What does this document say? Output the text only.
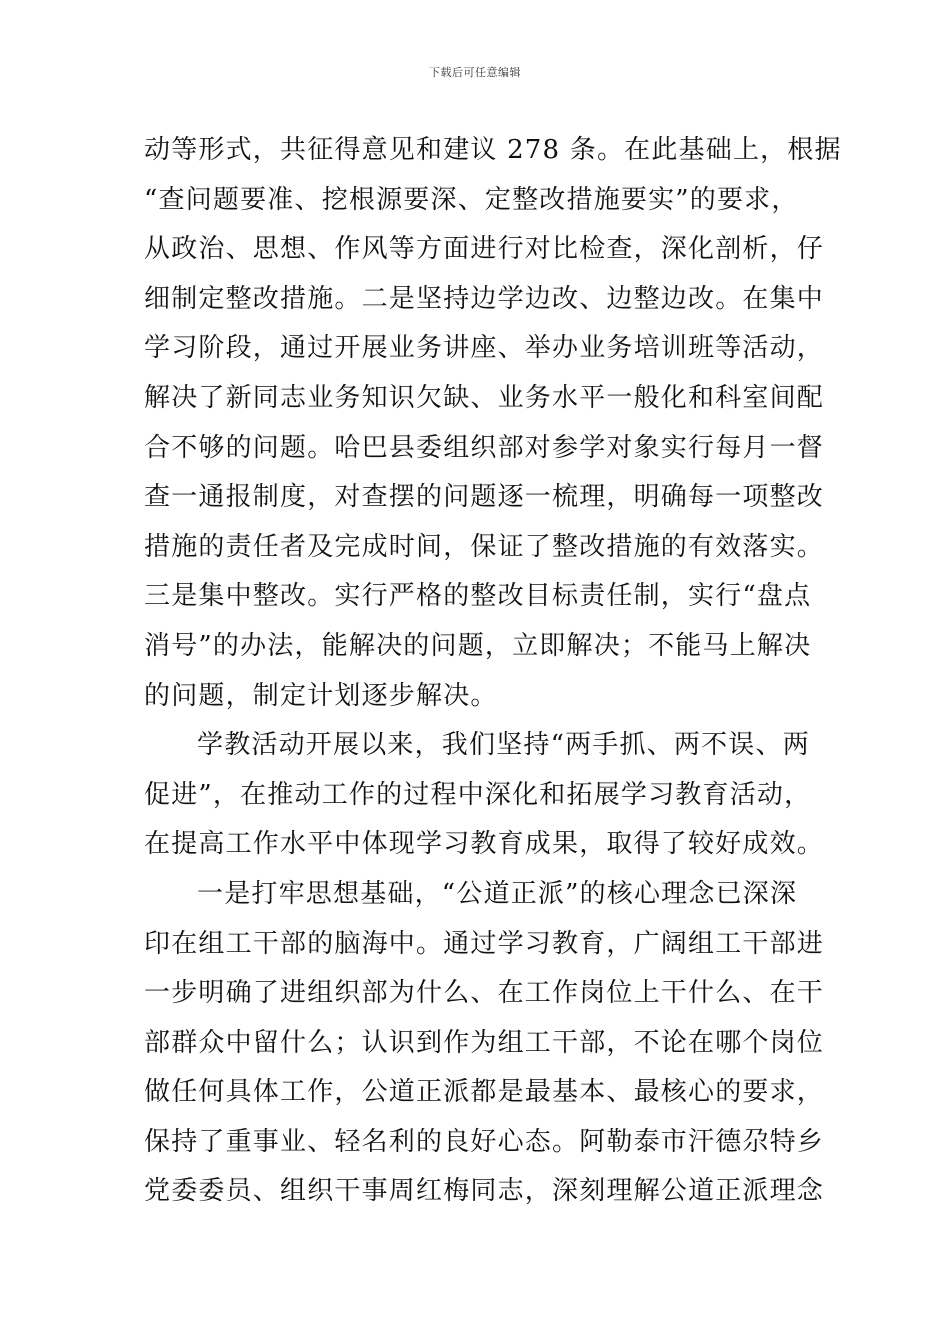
下载后可任意编辑
动等形式，共征得意见和建议 278 条。在此基础上，根据
“查问题要准、挖根源要深、定整改措施要实”的要求，
从政治、思想、作风等方面进行对比检查，深化剖析，仔
细制定整改措施。二是坚持边学边改、边整边改。在集中
学习阶段，通过开展业务讲座、举办业务培训班等活动，
解决了新同志业务知识欠缺、业务水平一般化和科室间配
合不够的问题。哈巴县委组织部对参学对象实行每月一督
查一通报制度，对查摆的问题逐一梳理，明确每一项整改
措施的责任者及完成时间，保证了整改措施的有效落实。
三是集中整改。实行严格的整改目标责任制，实行“盘点
消号”的办法，能解决的问题，立即解决；不能马上解决
的问题，制定计划逐步解决。
学教活动开展以来，我们坚持“两手抓、两不误、两
促进”，在推动工作的过程中深化和拓展学习教育活动，
在提高工作水平中体现学习教育成果，取得了较好成效。
一是打牢思想基础，“公道正派”的核心理念已深深
印在组工干部的脑海中。通过学习教育，广阔组工干部进
一步明确了进组织部为什么、在工作岗位上干什么、在干
部群众中留什么；认识到作为组工干部，不论在哪个岗位
做任何具体工作，公道正派都是最基本、最核心的要求，
保持了重事业、轻名利的良好心态。阿勒泰市汗德尕特乡
党委委员、组织干事周红梅同志，深刻理解公道正派理念
